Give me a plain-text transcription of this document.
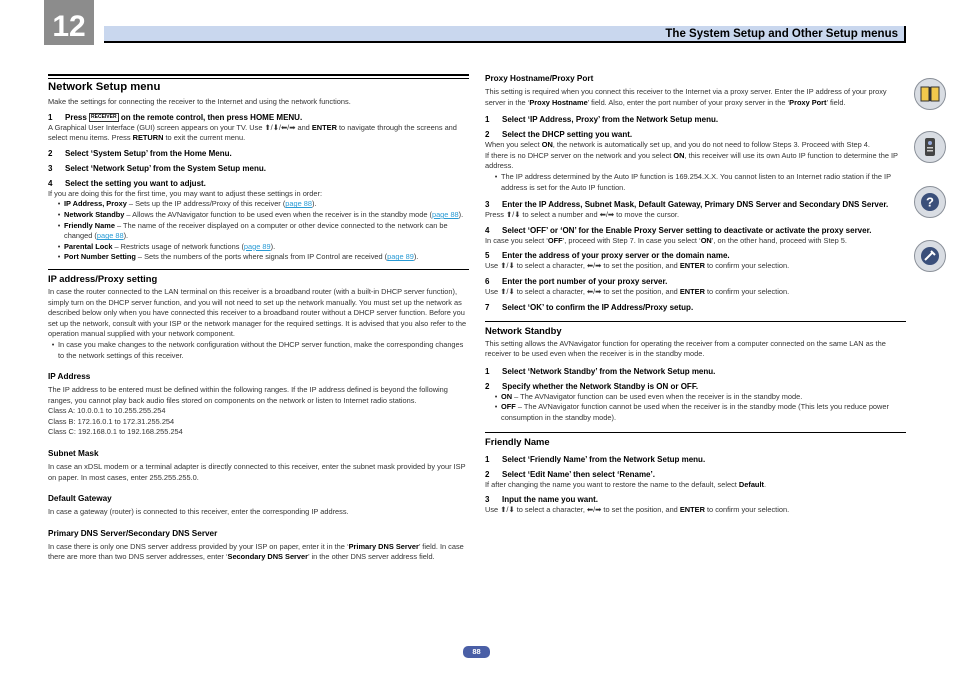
12	The System Setup and Other Setup menus
Network Setup menu

Make the settings for connecting the receiver to the Internet and using the network functions.

1	Press RECEIVER on the remote control, then press HOME MENU.

A Graphical User Interface (GUI) screen appears on your TV. Use ⬆/⬇/⬅/➡ and ENTER to navigate through the screens and select menu items. Press RETURN to exit the current menu.

2	Select ‘System Setup’ from the Home Menu.
3	Select ‘Network Setup’ from the System Setup menu.
4	Select the setting you want to adjust.

If you are doing this for the first time, you may want to adjust these settings in order:

• IP Address, Proxy – Sets up the IP address/Proxy of this receiver (page 88).
• Network Standby – Allows the AVNavigator function to be used even when the receiver is in the standby mode (page 88).
• Friendly Name – The name of the receiver displayed on a computer or other device connected to the network can be changed (page 88).
• Parental Lock – Restricts usage of network functions (page 89).
• Port Number Setting – Sets the numbers of the ports where signals from IP Control are received (page 89).
IP address/Proxy setting

In case the router connected to the LAN terminal on this receiver is a broadband router (with a built-in DHCP server function), simply turn on the DHCP server function, and you will not need to set up the network manually. You must set up the network as described below only when you have connected this receiver to a broadband router without a DHCP server function. Before you set up the network, consult with your ISP or the network manager for the required settings. It is advised that you also refer to the operation manual supplied with your network component.

• In case you make changes to the network configuration without the DHCP server function, make the corresponding changes to the network settings of this receiver.
IP Address

The IP address to be entered must be defined within the following ranges. If the IP address defined is beyond the following ranges, you cannot play back audio files stored on components on the network or listen to Internet radio stations.

Class A: 10.0.0.1 to 10.255.255.254

Class B: 172.16.0.1 to 172.31.255.254

Class C: 192.168.0.1 to 192.168.255.254

Subnet Mask

In case an xDSL modem or a terminal adapter is directly connected to this receiver, enter the subnet mask provided by your ISP on paper. In most cases, enter 255.255.255.0.

Default Gateway

In case a gateway (router) is connected to this receiver, enter the corresponding IP address.

Primary DNS Server/Secondary DNS Server

In case there is only one DNS server address provided by your ISP on paper, enter it in the ‘Primary DNS Server’ field. In case there are more than two DNS server addresses, enter ‘Secondary DNS Server’ in the other DNS server address field.

Proxy Hostname/Proxy Port

This setting is required when you connect this receiver to the Internet via a proxy server. Enter the IP address of your proxy server in the ‘Proxy Hostname’ field. Also, enter the port number of your proxy server in the ‘Proxy Port’ field.

1	Select ‘IP Address, Proxy’ from the Network Setup menu.
2	Select the DHCP setting you want.

When you select ON, the network is automatically set up, and you do not need to follow Steps 3. Proceed with Step 4.

If there is no DHCP server on the network and you select ON, this receiver will use its own Auto IP function to determine the IP address.

• The IP address determined by the Auto IP function is 169.254.X.X. You cannot listen to an Internet radio station if the IP address is set for the Auto IP function.
3	Enter the IP Address, Subnet Mask, Default Gateway, Primary DNS Server and Secondary DNS Server.

Press ⬆/⬇ to select a number and ⬅/➡ to move the cursor.

4	Select ‘OFF’ or ‘ON’ for the Enable Proxy Server setting to deactivate or activate the proxy server.

In case you select ‘OFF’, proceed with Step 7. In case you select ‘ON’, on the other hand, proceed with Step 5.

5	Enter the address of your proxy server or the domain name.

Use ⬆/⬇ to select a character, ⬅/➡ to set the position, and ENTER to confirm your selection.

6	Enter the port number of your proxy server.

Use ⬆/⬇ to select a character, ⬅/➡ to set the position, and ENTER to confirm your selection.

7	Select ‘OK’ to confirm the IP Address/Proxy setup.
Network Standby

This setting allows the AVNavigator function for operating the receiver from a computer connected on the same LAN as the receiver to be used even when the receiver is in the standby mode.

1	Select ‘Network Standby’ from the Network Setup menu.
2	Specify whether the Network Standby is ON or OFF.
• ON – The AVNavigator function can be used even when the receiver is in the standby mode.
• OFF – The AVNavigator function cannot be used when the receiver is in the standby mode (This lets you reduce power consumption in the standby mode).
Friendly Name
1	Select ‘Friendly Name’ from the Network Setup menu.
2	Select ‘Edit Name’ then select ‘Rename’.

If after changing the name you want to restore the name to the default, select Default.

3	Input the name you want.

Use ⬆/⬇ to select a character, ⬅/➡ to set the position, and ENTER to confirm your selection.

?
88
